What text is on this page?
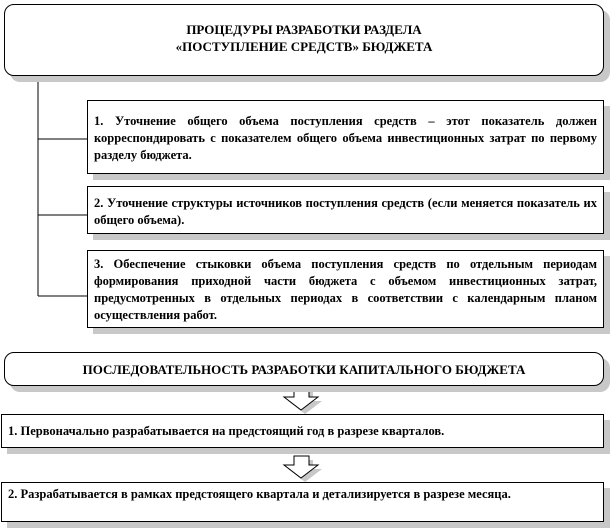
ПРОЦЕДУРЫ РАЗРАБОТКИ РАЗДЕЛА
«ПОСТУПЛЕНИЕ СРЕДСТВ» БЮДЖЕТА
1. Уточнение общего объема поступления средств – этот показатель должен корреспондировать с показателем общего объема инвестиционных затрат по первому разделу бюджета.
2. Уточнение структуры источников поступления средств (если меняется показатель их общего объема).
3. Обеспечение стыковки объема поступления средств по отдельным периодам формирования приходной части бюджета с объемом инвестиционных затрат, предусмотренных в отдельных периодах в соответствии с календарным планом осуществления работ.
ПОСЛЕДОВАТЕЛЬНОСТЬ РАЗРАБОТКИ КАПИТАЛЬНОГО БЮДЖЕТА
1. Первоначально разрабатывается на предстоящий год в разрезе кварталов.
2. Разрабатывается в рамках предстоящего квартала и детализируется в разрезе месяца.
